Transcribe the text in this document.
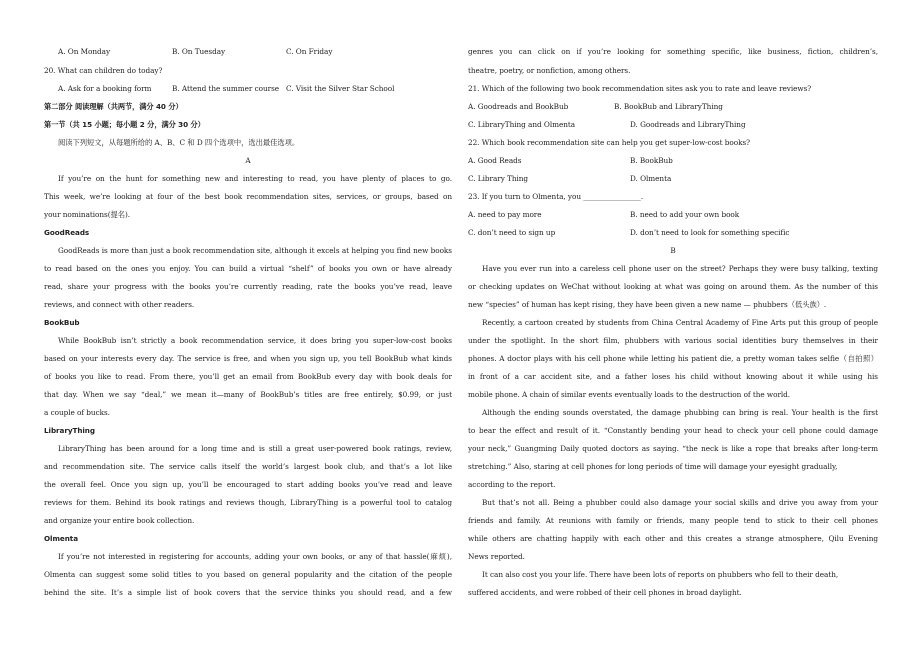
A. On Monday	B. On Tuesday	C. On Friday
20. What can children do today?
A. Ask for a booking form	B. Attend the summer course C. Visit the Silver Star School
第二部分 阅读理解（共两节，满分 40 分）
第一节（共 15 小题；每小题 2 分，满分 30 分）
阅读下列短文，从每题所给的 A、B、C 和 D 四个选项中，选出最佳选项。
A
If you’re on the hunt for something new and interesting to read, you have plenty of places to go.
This week, we’re looking at four of the best book recommendation sites, services, or groups, based on
your nominations(提名).
GoodReads
GoodReads is more than just a book recommendation site, although it excels at helping you find new books
to read based on the ones you enjoy. You can build a virtual “shelf” of books you own or have already
read, share your progress with the books you’re currently reading, rate the books you’ve read, leave
reviews, and connect with other readers.
BookBub
While BookBub isn’t strictly a book recommendation service, it does bring you super-low-cost books
based on your interests every day. The service is free, and when you sign up, you tell BookBub what kinds
of books you like to read. From there, you’ll get an email from BookBub every day with book deals for
that day. When we say “deal,” we mean it—many of BookBub’s titles are free entirely, $0.99, or just
a couple of bucks.
LibraryThing
LibraryThing has been around for a long time and is still a great user-powered book ratings, review,
and recommendation site. The service calls itself the world’s largest book club, and that’s a lot like
the overall feel. Once you sign up, you’ll be encouraged to start adding books you’ve read and leave
reviews for them. Behind its book ratings and reviews though, LibraryThing is a powerful tool to catalog
and organize your entire book collection.
Olmenta
If you’re not interested in registering for accounts, adding your own books, or any of that hassle(麻烦),
Olmenta can suggest some solid titles to you based on general popularity and the citation of the people
behind the site. It’s a simple list of book covers that the service thinks you should read, and a few
genres you can click on if you’re looking for something specific, like business, fiction, children’s,
theatre, poetry, or nonfiction, among others.
21. Which of the following two book recommendation sites ask you to rate and leave reviews?
A. Goodreads and BookBub	B. BookBub and LibraryThing
C. LibraryThing and Olmenta	D. Goodreads and LibraryThing
22. Which book recommendation site can help you get super-low-cost books?
A. Good Reads	B. BookBub
C. Library Thing	D. Olmenta
23. If you turn to Olmenta, you ________________.
A. need to pay more	B. need to add your own book
C. don’t need to sign up	D. don’t need to look for something specific
B
Have you ever run into a careless cell phone user on the street? Perhaps they were busy talking, texting
or checking updates on WeChat without looking at what was going on around them. As the number of this
new “species” of human has kept rising, they have been given a new name — phubbers（低头族）.
Recently, a cartoon created by students from China Central Academy of Fine Arts put this group of people
under the spotlight. In the short film, phubbers with various social identities bury themselves in their
phones. A doctor plays with his cell phone while letting his patient die, a pretty woman takes selfie（自拍照）
in front of a car accident site, and a father loses his child without knowing about it while using his
mobile phone. A chain of similar events eventually loads to the destruction of the world.
Although the ending sounds overstated, the damage phubbing can bring is real. Your health is the first
to bear the effect and result of it. “Constantly bending your head to check your cell phone could damage
your neck,” Guangming Daily quoted doctors as saying. “the neck is like a rope that breaks after long-term
stretching.” Also, staring at cell phones for long periods of time will damage your eyesight gradually,
according to the report.
But that’s not all. Being a phubber could also damage your social skills and drive you away from your
friends and family. At reunions with family or friends, many people tend to stick to their cell phones
while others are chatting happily with each other and this creates a strange atmosphere, Qilu Evening
News reported.
It can also cost you your life. There have been lots of reports on phubbers who fell to their death,
suffered accidents, and were robbed of their cell phones in broad daylight.
